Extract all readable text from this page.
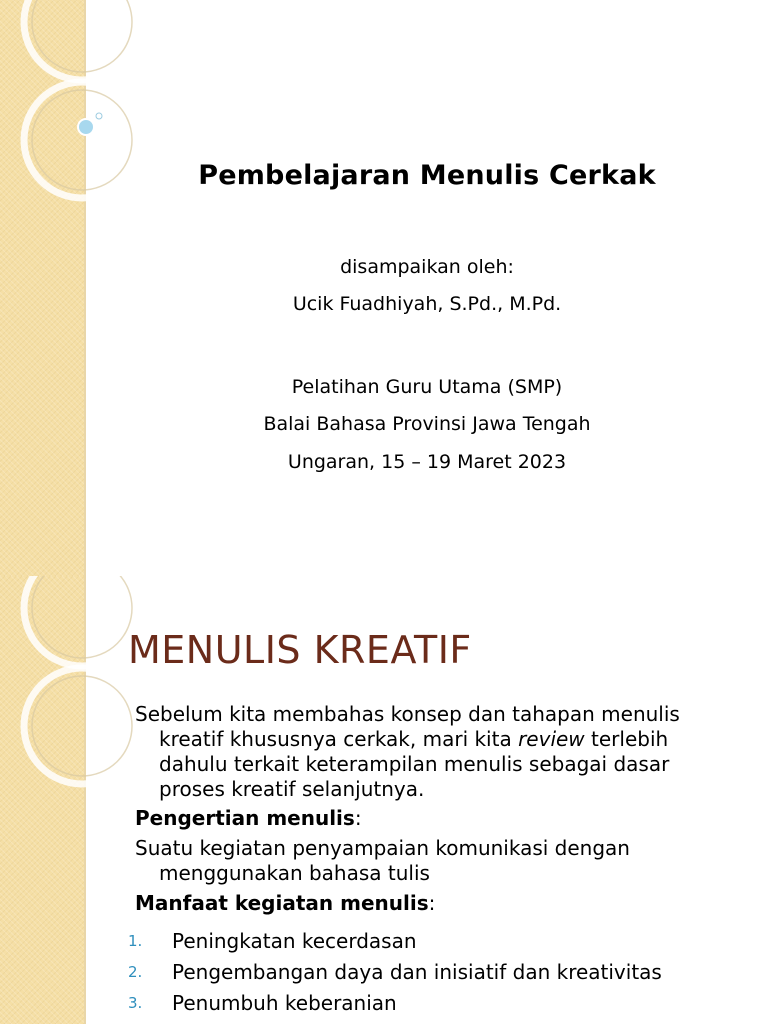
Pembelajaran Menulis Cerkak
disampaikan oleh:
Ucik Fuadhiyah, S.Pd., M.Pd.
Pelatihan Guru Utama (SMP)
Balai Bahasa Provinsi Jawa Tengah
Ungaran, 15 – 19 Maret 2023
MENULIS KREATIF

Sebelum kita membahas konsep dan tahapan menulis kreatif khususnya cerkak, mari kita review terlebih dahulu terkait keterampilan menulis sebagai dasar proses kreatif selanjutnya.

Pengertian menulis:

Suatu kegiatan penyampaian komunikasi dengan menggunakan bahasa tulis

Manfaat kegiatan menulis:

1. Peningkatan kecerdasan
2. Pengembangan daya dan inisiatif dan kreativitas
3. Penumbuh keberanian
